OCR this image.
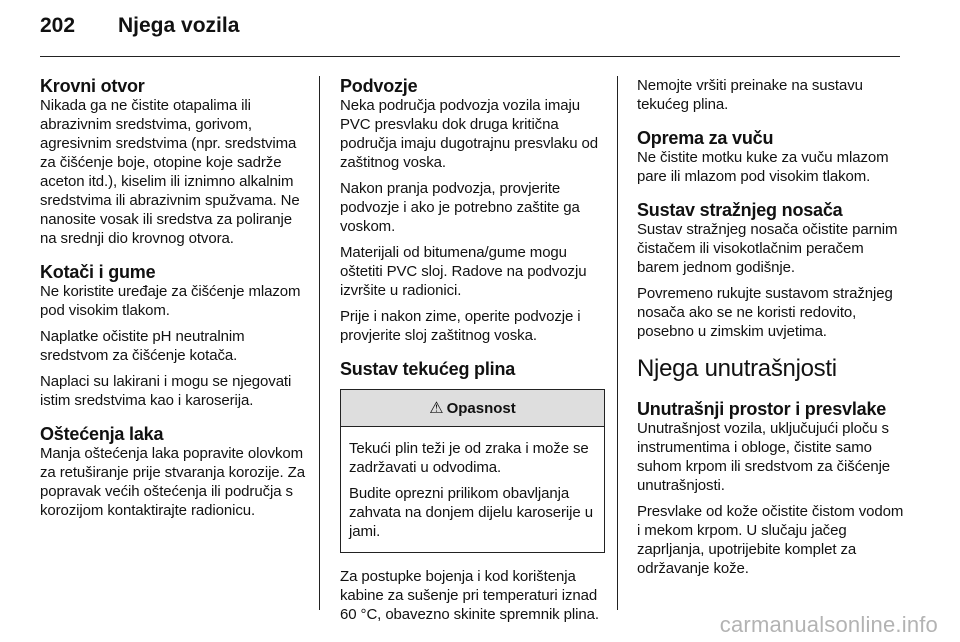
202	Njega vozila
Krovni otvor

Nikada ga ne čistite otapalima ili abrazivnim sredstvima, gorivom, agresivnim sredstvima (npr. sredstvima za čišćenje boje, otopine koje sadrže aceton itd.), kiselim ili iznimno alkalnim sredstvima ili abrazivnim spužvama. Ne nanosite vosak ili sredstva za poliranje na srednji dio krovnog otvora.

Kotači i gume

Ne koristite uređaje za čišćenje mlazom pod visokim tlakom.

Naplatke očistite pH neutralnim sredstvom za čišćenje kotača.

Naplaci su lakirani i mogu se njegovati istim sredstvima kao i karoserija.

Oštećenja laka

Manja oštećenja laka popravite olovkom za retuširanje prije stvaranja korozije. Za popravak većih oštećenja ili područja s korozijom kontaktirajte radionicu.

Podvozje

Neka područja podvozja vozila imaju PVC presvlaku dok druga kritična područja imaju dugotrajnu presvlaku od zaštitnog voska.

Nakon pranja podvozja, provjerite podvozje i ako je potrebno zaštite ga voskom.

Materijali od bitumena/gume mogu oštetiti PVC sloj. Radove na podvozju izvršite u radionici.

Prije i nakon zime, operite podvozje i provjerite sloj zaštitnog voska.

Sustav tekućeg plina
⚠ Opasnost

Tekući plin teži je od zraka i može se zadržavati u odvodima.

Budite oprezni prilikom obavljanja zahvata na donjem dijelu karoserije u jami.

Za postupke bojenja i kod korištenja kabine za sušenje pri temperaturi iznad 60 °C, obavezno skinite spremnik plina.

Nemojte vršiti preinake na sustavu tekućeg plina.

Oprema za vuču

Ne čistite motku kuke za vuču mlazom pare ili mlazom pod visokim tlakom.

Sustav stražnjeg nosača

Sustav stražnjeg nosača očistite parnim čistačem ili visokotlačnim peračem barem jednom godišnje.

Povremeno rukujte sustavom stražnjeg nosača ako se ne koristi redovito, posebno u zimskim uvjetima.

Njega unutrašnjosti
Unutrašnji prostor i presvlake

Unutrašnjost vozila, uključujući ploču s instrumentima i obloge, čistite samo suhom krpom ili sredstvom za čišćenje unutrašnjosti.

Presvlake od kože očistite čistom vodom i mekom krpom. U slučaju jačeg zaprljanja, upotrijebite komplet za održavanje kože.

carmanualsonline.info
